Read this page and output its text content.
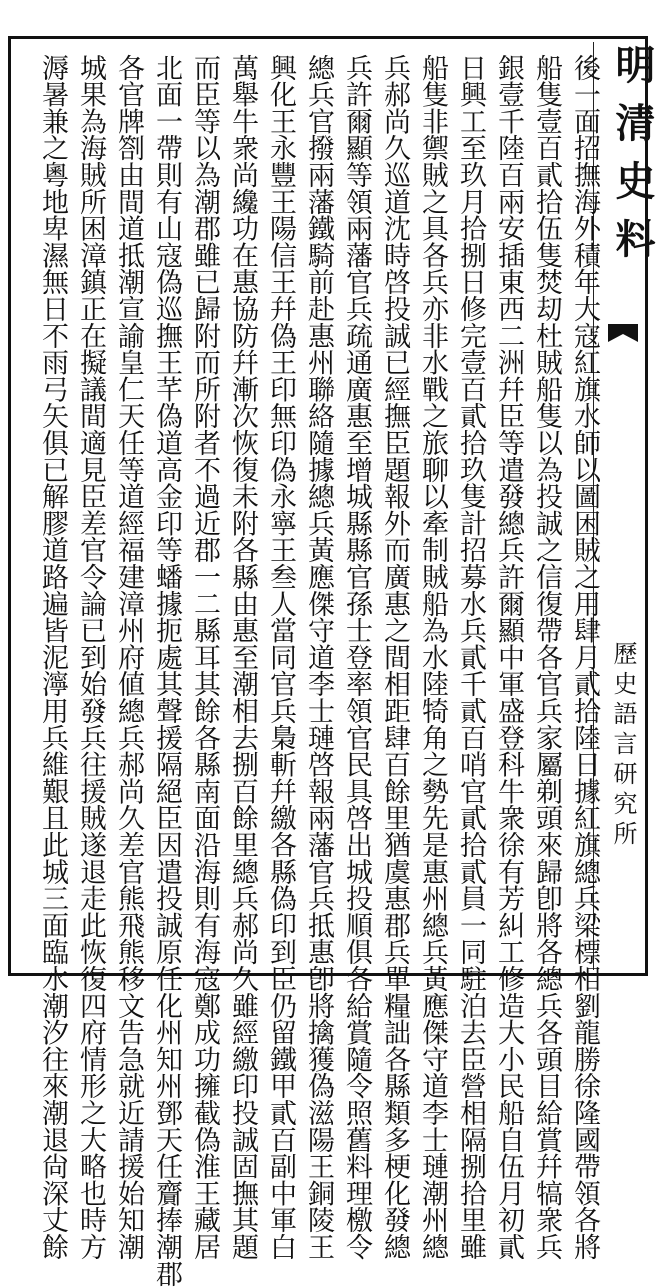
後一面招撫海外積年大寇紅旗水師以圖困賊之用肆月貳拾陸日據紅旗總兵梁標相劉龍勝徐隆國帶領各將
船隻壹百貳拾伍隻焚刧杜賊船隻以為投誠之信復帶各官兵家屬剃頭來歸卽將各總兵各頭目給賞幷犒衆兵
銀壹千陸百兩安插東西二洲幷臣等遣發總兵許爾顯中軍盛登科牛衆徐有芳糾工修造大小民船自伍月初貳
日興工至玖月拾捌日修完壹百貳拾玖隻計招募水兵貳千貳百哨官貳拾貳員一同駐泊去臣營相隔捌拾里雖
船隻非禦賊之具各兵亦非水戰之旅聊以牽制賊船為水陸犄角之勢先是惠州總兵黃應傑守道李士璉潮州總
兵郝尚久巡道沈時啓投誠已經撫臣題報外而廣惠之間相距肆百餘里猶虞惠郡兵單糧詘各縣類多梗化發總
兵許爾顯等領兩藩官兵疏通廣惠至增城縣縣官孫士登率領官民具啓出城投順俱各給賞隨令照舊料理檄令
總兵官撥兩藩鐵騎前赴惠州聯絡隨據總兵黃應傑守道李士璉啓報兩藩官兵抵惠卽將擒獲偽滋陽王銅陵王
興化王永豐王陽信王幷偽王印無印偽永寧王叁人當同官兵梟斬幷繳各縣偽印到臣仍留鐵甲貳百副中軍白
萬舉牛衆尚纔功在惠協防幷漸次恢復未附各縣由惠至潮相去捌百餘里總兵郝尚久雖經繳印投誠固撫其題
而臣等以為潮郡雖已歸附而所附者不過近郡一二縣耳其餘各縣南面沿海則有海寇鄭成功擁截偽淮王藏居
北面一帶則有山寇偽巡撫王芊偽道高金印等蟠據扼處其聲援隔絕臣因遣投誠原任化州知州鄧天任齎捧潮郡
各官牌劄由間道抵潮宣諭皇仁天任等道經福建漳州府値總兵郝尚久差官熊飛熊移文告急就近請援始知潮
城果為海賊所困漳鎮正在擬議間適見臣差官令論已到始發兵往援賊遂退走此恢復四府情形之大略也時方
溽暑兼之粵地卑濕無日不雨弓矢俱已解膠道路遍皆泥濘用兵維艱且此城三面臨水潮汐往來潮退尙深丈餘	明清史料
歷史語言研究所
